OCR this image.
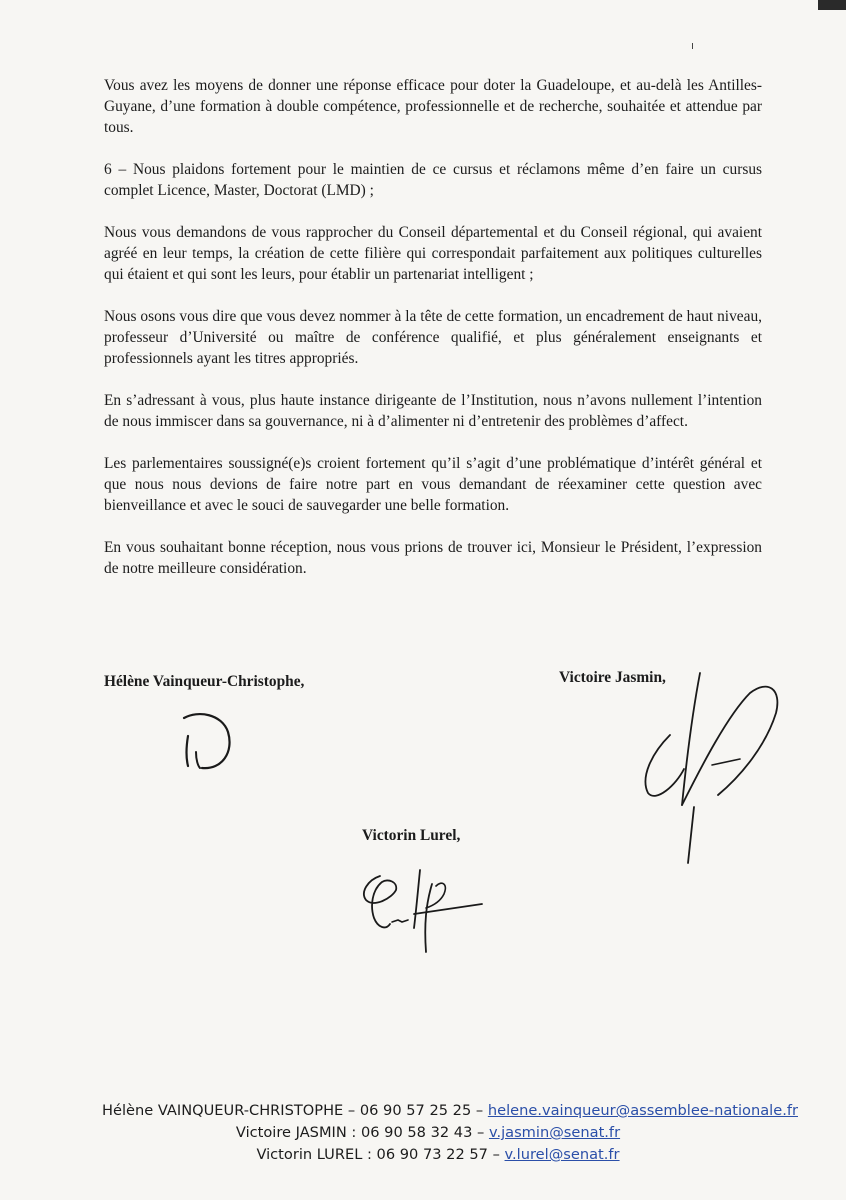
Vous avez les moyens de donner une réponse efficace pour doter la Guadeloupe, et au-delà les Antilles-Guyane, d’une formation à double compétence, professionnelle et de recherche, souhaitée et attendue par tous.

6 – Nous plaidons fortement pour le maintien de ce cursus et réclamons même d’en faire un cursus complet Licence, Master, Doctorat (LMD) ;

Nous vous demandons de vous rapprocher du Conseil départemental et du Conseil régional, qui avaient agréé en leur temps, la création de cette filière qui correspondait parfaitement aux politiques culturelles qui étaient et qui sont les leurs, pour établir un partenariat intelligent ;

Nous osons vous dire que vous devez nommer à la tête de cette formation, un encadrement de haut niveau, professeur d’Université ou maître de conférence qualifié, et plus généralement enseignants et professionnels ayant les titres appropriés.

En s’adressant à vous, plus haute instance dirigeante de l’Institution, nous n’avons nullement l’intention de nous immiscer dans sa gouvernance, ni à d’alimenter ni d’entretenir des problèmes d’affect.

Les parlementaires soussigné(e)s croient fortement qu’il s’agit d’une problématique d’intérêt général et que nous nous devions de faire notre part en vous demandant de réexaminer cette question avec bienveillance et avec le souci de sauvegarder une belle formation.

En vous souhaitant bonne réception, nous vous prions de trouver ici, Monsieur le Président, l’expression de notre meilleure considération.

Hélène Vainqueur-Christophe,	Victoire Jasmin,
Victorin Lurel,
Hélène VAINQUEUR-CHRISTOPHE – 06 90 57 25 25 – helene.vainqueur@assemblee-nationale.fr
Victoire JASMIN : 06 90 58 32 43 – v.jasmin@senat.fr
Victorin LUREL : 06 90 73 22 57 – v.lurel@senat.fr
